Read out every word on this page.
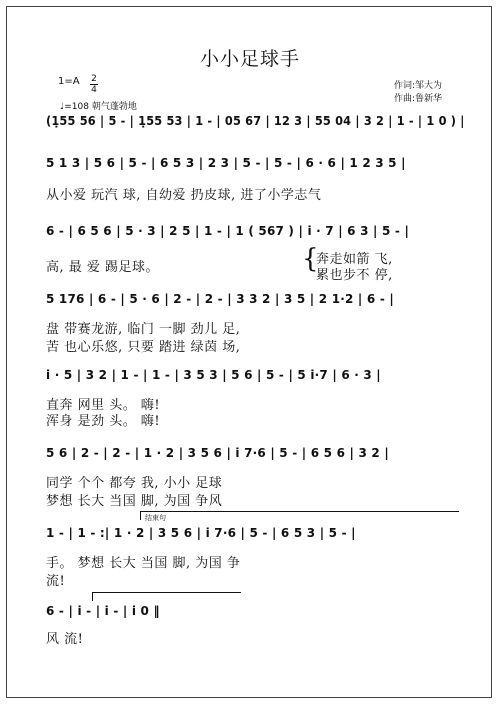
小小足球手
1=A 2
4
♩=108 朝气蓬勃地
作词:邹大为
作曲:鲁新华
(1̣55 56 | 5 - | 1̣55 53 | 1 - | 05 67 | 12 3 | 55 04 | 3 2 | 1 - | 1 0 ) |
5 1 3 | 5 6 | 5 - | 6 5 3 | 2 3 | 5 - | 5 - | 6 · 6 | 1 2 3 5 |
从小爱 玩汽 球, 自幼爱 扔皮球, 进了小学志气
6 - | 6 5 6 | 5 · 3 | 2 5 | 1 - | 1 ( 567 ) | i · 7 | 6 3 | 5 - |
高, 最 爱 踢足球。	{
奔走如箭 飞,
累也步不 停,
5 176 | 6 - | 5 · 6 | 2 - | 2 - | 3 3 2 | 3 5 | 2 1·2 | 6 - |
盘 带赛龙游, 临门 一脚 劲儿 足,
苦 也心乐悠, 只要 踏进 绿茵 场,
i · 5 | 3 2 | 1 - | 1 - | 3 5 3 | 5 6 | 5 - | 5 i·7 | 6 · 3 |
直奔 网里 头。 嗨!
浑身 是劲 头。 嗨!
5 6 | 2 - | 2 - | 1 · 2 | 3 5 6 | i 7·6 | 5 - | 6 5 6 | 3 2 |
同学 个个 都夸 我, 小小 足球
梦想 长大 当国 脚, 为国 争风
结束句
1 - | 1 - :| 1 · 2 | 3 5 6 | i 7·6 | 5 - | 6 5 3 | 5 - |
手。 梦想 长大 当国 脚, 为国 争
流!
6 - | i - | i - | i 0 ‖
风 流!
